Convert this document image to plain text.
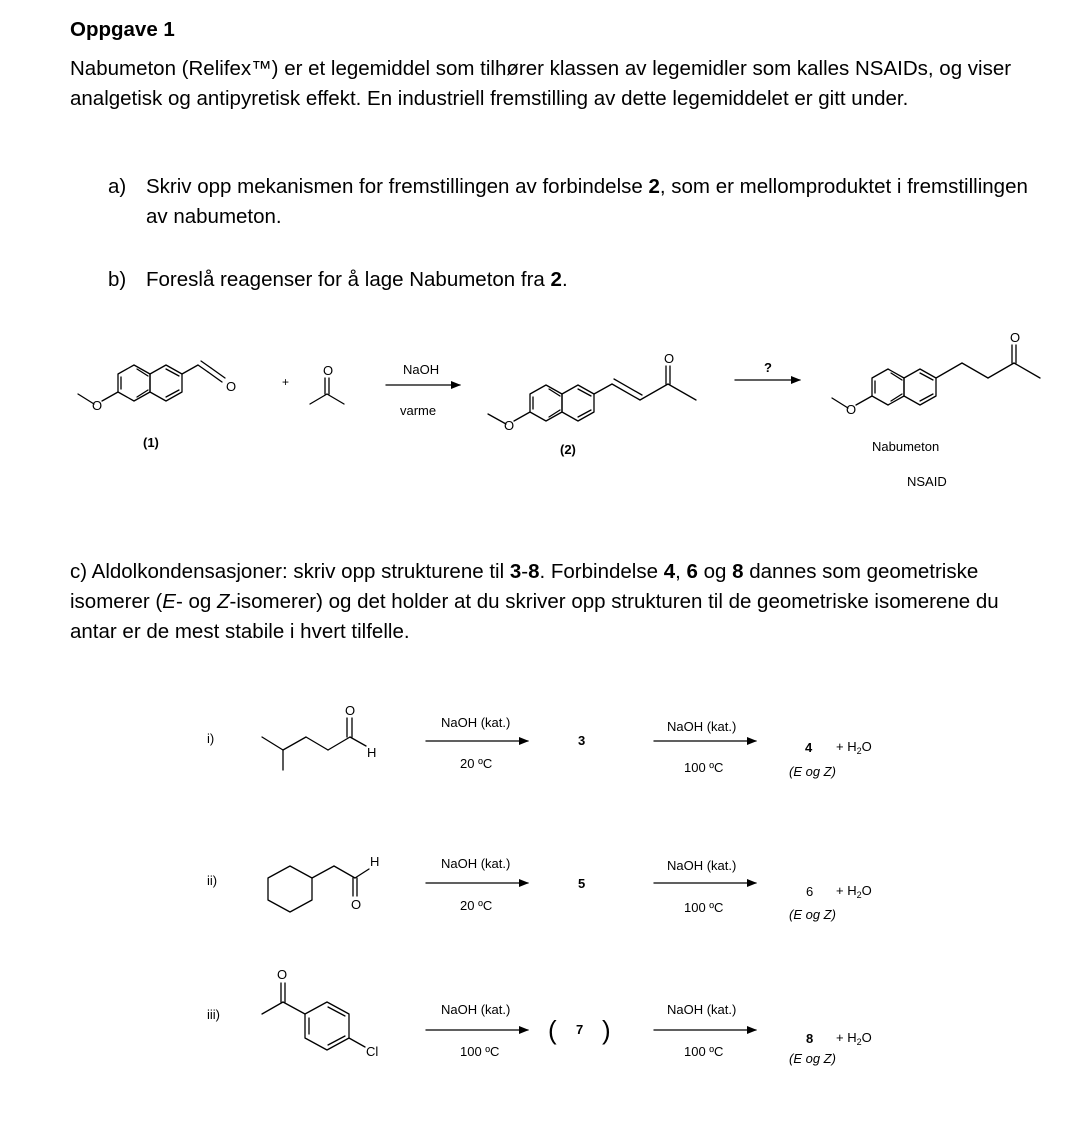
Oppgave 1
Nabumeton (Relifex™) er et legemiddel som tilhører klassen av legemidler som kalles NSAIDs, og viser analgetisk og antipyretisk effekt. En industriell fremstilling av dette legemiddelet er gitt under.
a) Skriv opp mekanismen for fremstillingen av forbindelse 2, som er mellomproduktet i fremstillingen av nabumeton.
b) Foreslå reagenser for å lage Nabumeton fra 2.
c) Aldolkondensasjoner: skriv opp strukturene til 3-8. Forbindelse 4, 6 og 8 dannes som geometriske isomerer (E- og Z-isomerer) og det holder at du skriver opp strukturen til de geometriske isomerene du antar er de mest stabile i hvert tilfelle.
O
O
O
O
O
O
O
+
NaOH
varme
?
(1)	(2)	Nabumeton
NSAID
i)
O
H
NaOH (kat.)
20 ºC
3
NaOH (kat.)
100 ºC
$4 + H_2O$
(E og Z)
ii)
H
O
NaOH (kat.)
20 ºC
5
NaOH (kat.)
100 ºC
$6 + H_2O$
(E og Z)
iii)
O
Cl
NaOH (kat.)
100 ºC
( 7 )
NaOH (kat.)
100 ºC
$8 + H_2O$
(E og Z)
